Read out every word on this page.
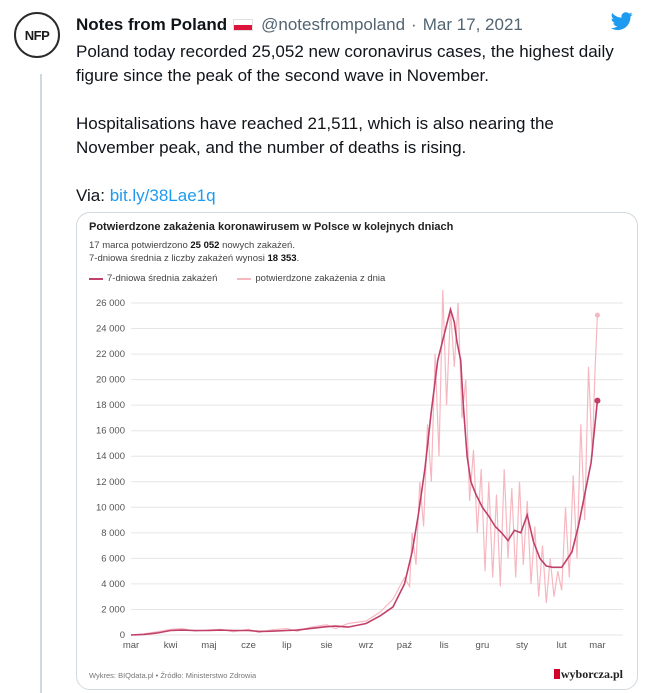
NFP
Notes from Poland @notesfrompoland · Mar 17, 2021

Poland today recorded 25,052 new coronavirus cases, the highest daily figure since the peak of the second wave in November.

Hospitalisations have reached 21,511, which is also nearing the November peak, and the number of deaths is rising.

Via: bit.ly/38Lae1q

Potwierdzone zakażenia koronawirusem w Polsce w kolejnych dniach
17 marca potwierdzono 25 052 nowych zakażeń.
7-dniowa średnia z liczby zakażeń wynosi 18 353.
7-dniowa średnia zakażeń	potwierdzone zakażenia z dnia
0
2 000
4 000
6 000
8 000
10 000
12 000
14 000
16 000
18 000
20 000
22 000
24 000
26 000
mar	kwi	maj	cze	lip	sie	wrz paź	lis	gru	sty	lut mar
Wykres: BIQdata.pl • Źródło: Ministerstwo Zdrowia	wyborcza.pl
